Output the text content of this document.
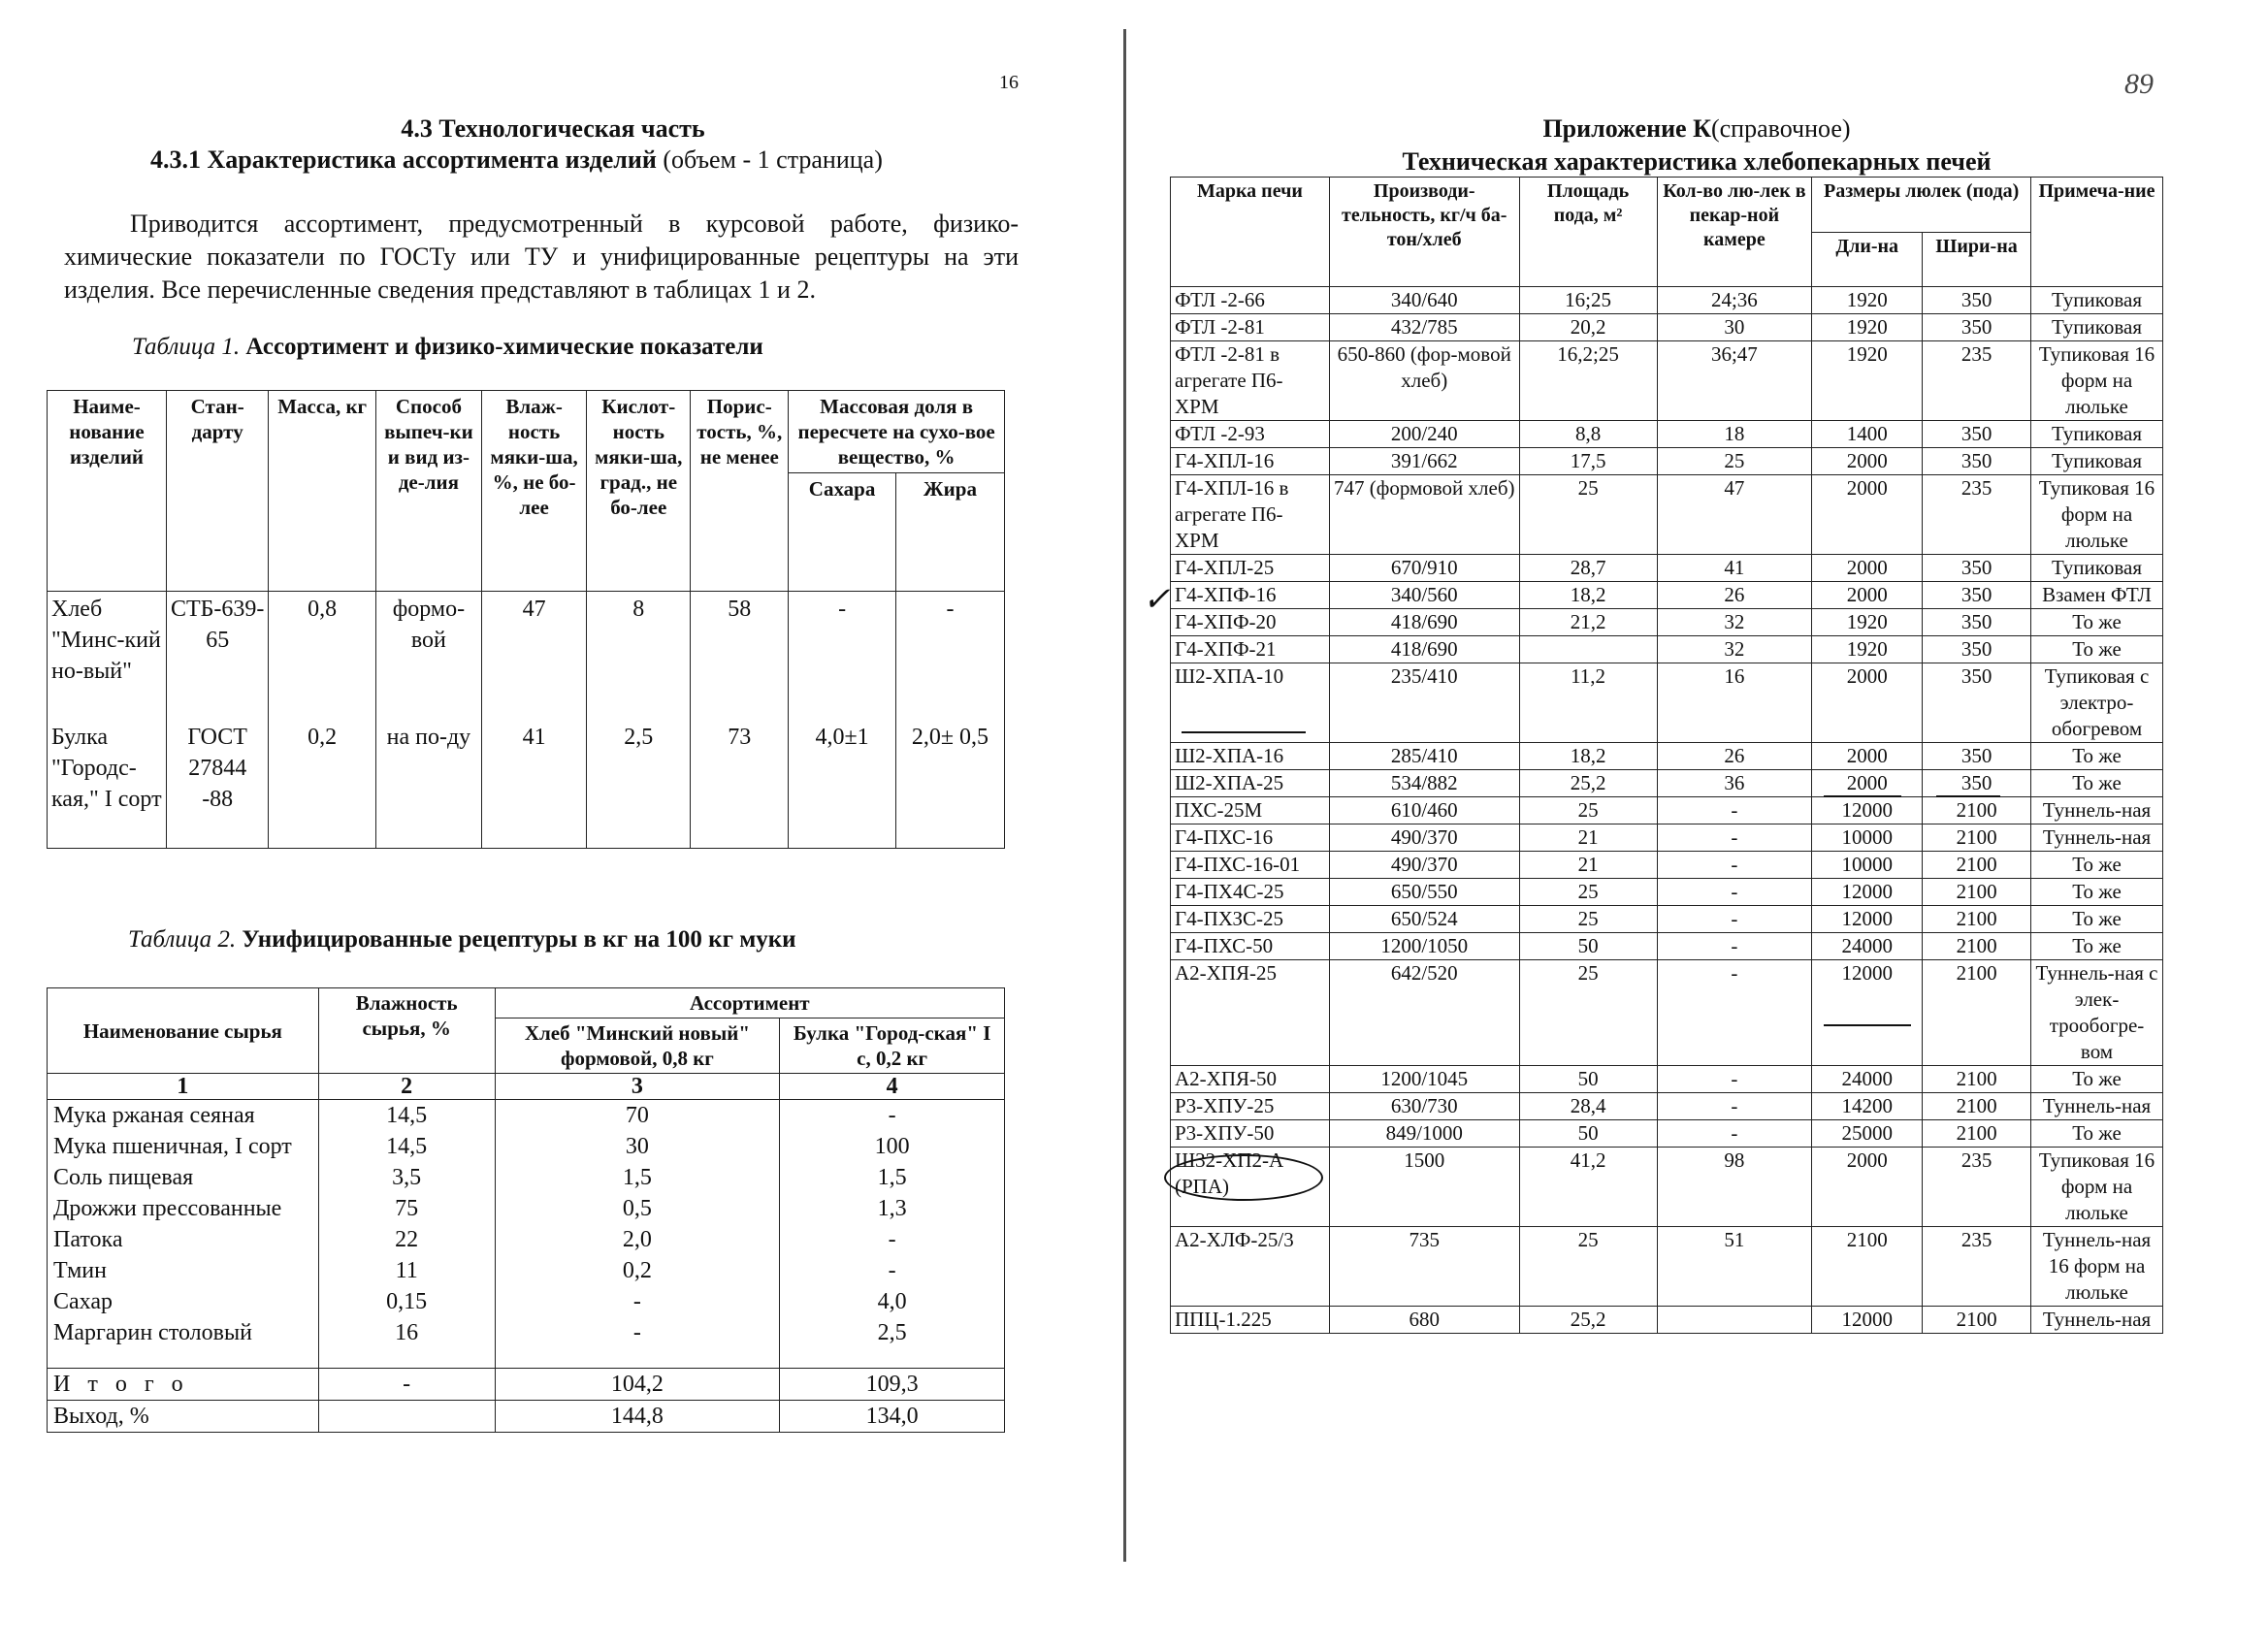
16
4.3 Технологическая часть
4.3.1 Характеристика ассортимента изделий (объем - 1 страница)
Приводится ассортимент, предусмотренный в курсовой работе, физико-химические показатели по ГОСТу или ТУ и унифицированные рецептуры на эти изделия. Все перечисленные сведения представляют в таблицах 1 и 2.
Таблица 1. Ассортимент и физико-химические показатели
Наиме-нование изделий	Стан-дарту	Масса, кг	Способ выпеч-ки и вид из-де-лия	Влаж-ность мяки-ша, %, не бо-лее	Кислот-ность мяки-ша, град., не бо-лее	Порис-тость, %, не менее	Массовая доля в пересчете на сухо-вое вещество, %	
							Сахара	Жира
Хлеб "Минс-кий но-вый"	СТБ-639-65	0,8	формо-вой	47	8	58	-	-
Булка "Городс-кая," I сорт	ГОСТ 27844 -88	0,2	на по-ду	41	2,5	73	4,0±1	2,0± 0,5
Таблица 2. Унифицированные рецептуры в кг на 100 кг муки
Наименование сырья	Влажность сырья, %	Ассортимент	
		Хлеб "Минский новый" формовой, 0,8 кг	Булка "Город-ская" I с, 0,2 кг
1	2	3	4
Мука ржаная сеяная	14,5	70	-
Мука пшеничная, I сорт	14,5	30	100
Соль пищевая	3,5	1,5	1,5
Дрожжи прессованные	75	0,5	1,3
Патока	22	2,0	-
Тмин	11	0,2	-
Сахар	0,15	-	4,0
Маргарин столовый	16	-	2,5

И т о г о	-	104,2	109,3
Выход, %		144,8	134,0
89
Приложение К(справочное)
Техническая характеристика хлебопекарных печей
Марка печи	Производи-тельность, кг/ч ба-тон/хлеб	Площадь пода, м²	Кол-во лю-лек в пекар-ной камере	Размеры люлек (пода)		Примеча-ние
				Дли-на	Шири-на	
ФТЛ -2-66	340/640	16;25	24;36	1920	350	Тупиковая
ФТЛ -2-81	432/785	20,2	30	1920	350	Тупиковая
ФТЛ -2-81 в агрегате П6-ХРМ	650-860 (фор-мовой хлеб)	16,2;25	36;47	1920	235	Тупиковая 16 форм на люльке
ФТЛ -2-93	200/240	8,8	18	1400	350	Тупиковая
Г4-ХПЛ-16	391/662	17,5	25	2000	350	Тупиковая
Г4-ХПЛ-16 в агрегате П6-ХРМ	747 (формовой хлеб)	25	47	2000	235	Тупиковая 16 форм на люльке
Г4-ХПЛ-25	670/910	28,7	41	2000	350	Тупиковая
Г4-ХПФ-16	340/560	18,2	26	2000	350	Взамен ФТЛ
Г4-ХПФ-20	418/690	21,2	32	1920	350	То же
Г4-ХПФ-21	418/690		32	1920	350	То же
Ш2-ХПА-10	235/410	11,2	16	2000	350	Тупиковая с электро-обогревом
Ш2-ХПА-16	285/410	18,2	26	2000	350	То же
Ш2-ХПА-25	534/882	25,2	36	2000	350	То же
ПХС-25М	610/460	25	-	12000	2100	Туннель-ная
Г4-ПХС-16	490/370	21	-	10000	2100	Туннель-ная
Г4-ПХС-16-01	490/370	21	-	10000	2100	То же
Г4-ПХ4С-25	650/550	25	-	12000	2100	То же
Г4-ПХЗС-25	650/524	25	-	12000	2100	То же
Г4-ПХС-50	1200/1050	50	-	24000	2100	То же
А2-ХПЯ-25	642/520	25	-	12000	2100	Туннель-ная с элек-трообогре-вом
А2-ХПЯ-50	1200/1045	50	-	24000	2100	То же
Р3-ХПУ-25	630/730	28,4	-	14200	2100	Туннель-ная
Р3-ХПУ-50	849/1000	50	-	25000	2100	То же
Ш32-ХП2-А (РПА)	1500	41,2	98	2000	235	Тупиковая 16 форм на люльке
А2-ХЛФ-25/3	735	25	51	2100	235	Туннель-ная 16 форм на люльке
ППЦ-1.225	680	25,2		12000	2100	Туннель-ная
✓
